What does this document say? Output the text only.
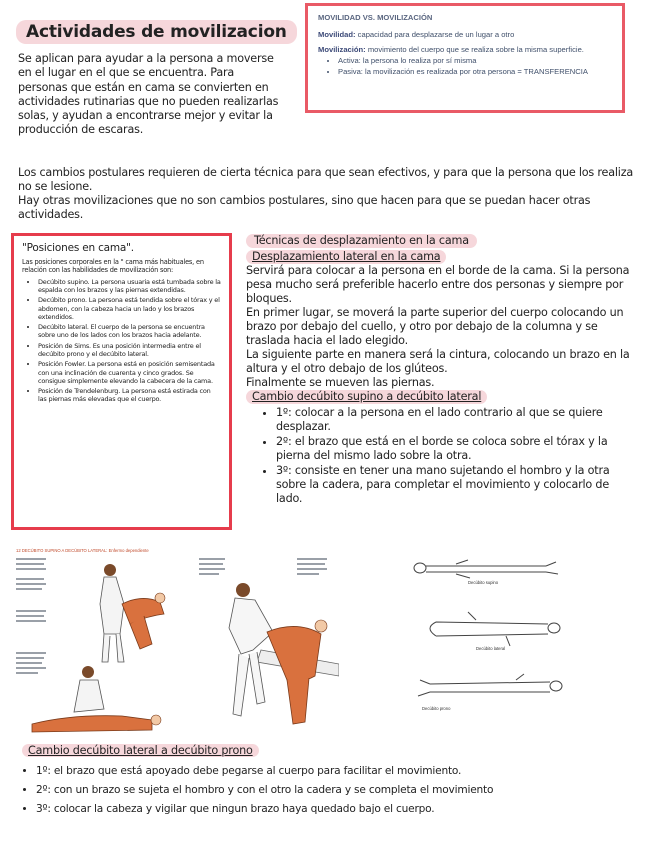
Actividades de movilizacion
Se aplican para ayudar a la persona a moverse en el lugar en el que se encuentra. Para personas que están en cama se convierten en actividades rutinarias que no pueden realizarlas solas, y ayudan a encontrarse mejor y evitar la producción de escaras.
MOVILIDAD VS. MOVILIZACIÓN
Movilidad: capacidad para desplazarse de un lugar a otro

Movilización: movimiento del cuerpo que se realiza sobre la misma superficie.

• Activa: la persona lo realiza por sí misma
• Pasiva: la movilización es realizada por otra persona = TRANSFERENCIA
Los cambios postulares requieren de cierta técnica para que sean efectivos, y para que la persona que los realiza no se lesione.
Hay otras movilizaciones que no son cambios postulares, sino que hacen para que se puedan hacer otras actividades.
"Posiciones en cama".
Las posiciones corporales en la " cama más habituales, en relación con las habilidades de movilización son:
• Decúbito supino. La persona usuaria está tumbada sobre la espalda con los brazos y las piernas extendidas.
• Decúbito prono. La persona está tendida sobre el tórax y el abdomen, con la cabeza hacia un lado y los brazos extendidos.
• Decúbito lateral. El cuerpo de la persona se encuentra sobre uno de los lados con los brazos hacia adelante.
• Posición de Sims. Es una posición intermedia entre el decúbito prono y el decúbito lateral.
• Posición Fowler. La persona está en posición semisentada con una inclinación de cuarenta y cinco grados. Se consigue simplemente elevando la cabecera de la cama.
• Posición de Trendelenburg. La persona está estirada con las piernas más elevadas que el cuerpo.
Técnicas de desplazamiento en la cama
Desplazamiento lateral en la cama

Servirá para colocar a la persona en el borde de la cama. Si la persona pesa mucho será preferible hacerlo entre dos personas y siempre por bloques.

En primer lugar, se moverá la parte superior del cuerpo colocando un brazo por debajo del cuello, y otro por debajo de la columna y se traslada hacia el lado elegido.

La siguiente parte en manera será la cintura, colocando un brazo en la altura y el otro debajo de los glúteos.

Finalmente se mueven las piernas.

Cambio decúbito supino a decúbito lateral
• 1º: colocar a la persona en el lado contrario al que se quiere desplazar.
• 2º: el brazo que está en el borde se coloca sobre el tórax y la pierna del mismo lado sobre la otra.
• 3º: consiste en tener una mano sujetando el hombro y la otra sobre la cadera, para completar el movimiento y colocarlo de lado.
12 DECÚBITO SUPINO A DECÚBITO LATERAL: Enfermo dependiente
Decúbito supino
Decúbito lateral
Decúbito prono
Cambio decúbito lateral a decúbito prono
• 1º: el brazo que está apoyado debe pegarse al cuerpo para facilitar el movimiento.
• 2º: con un brazo se sujeta el hombro y con el otro la cadera y se completa el movimiento
• 3º: colocar la cabeza y vigilar que ningun brazo haya quedado bajo el cuerpo.
